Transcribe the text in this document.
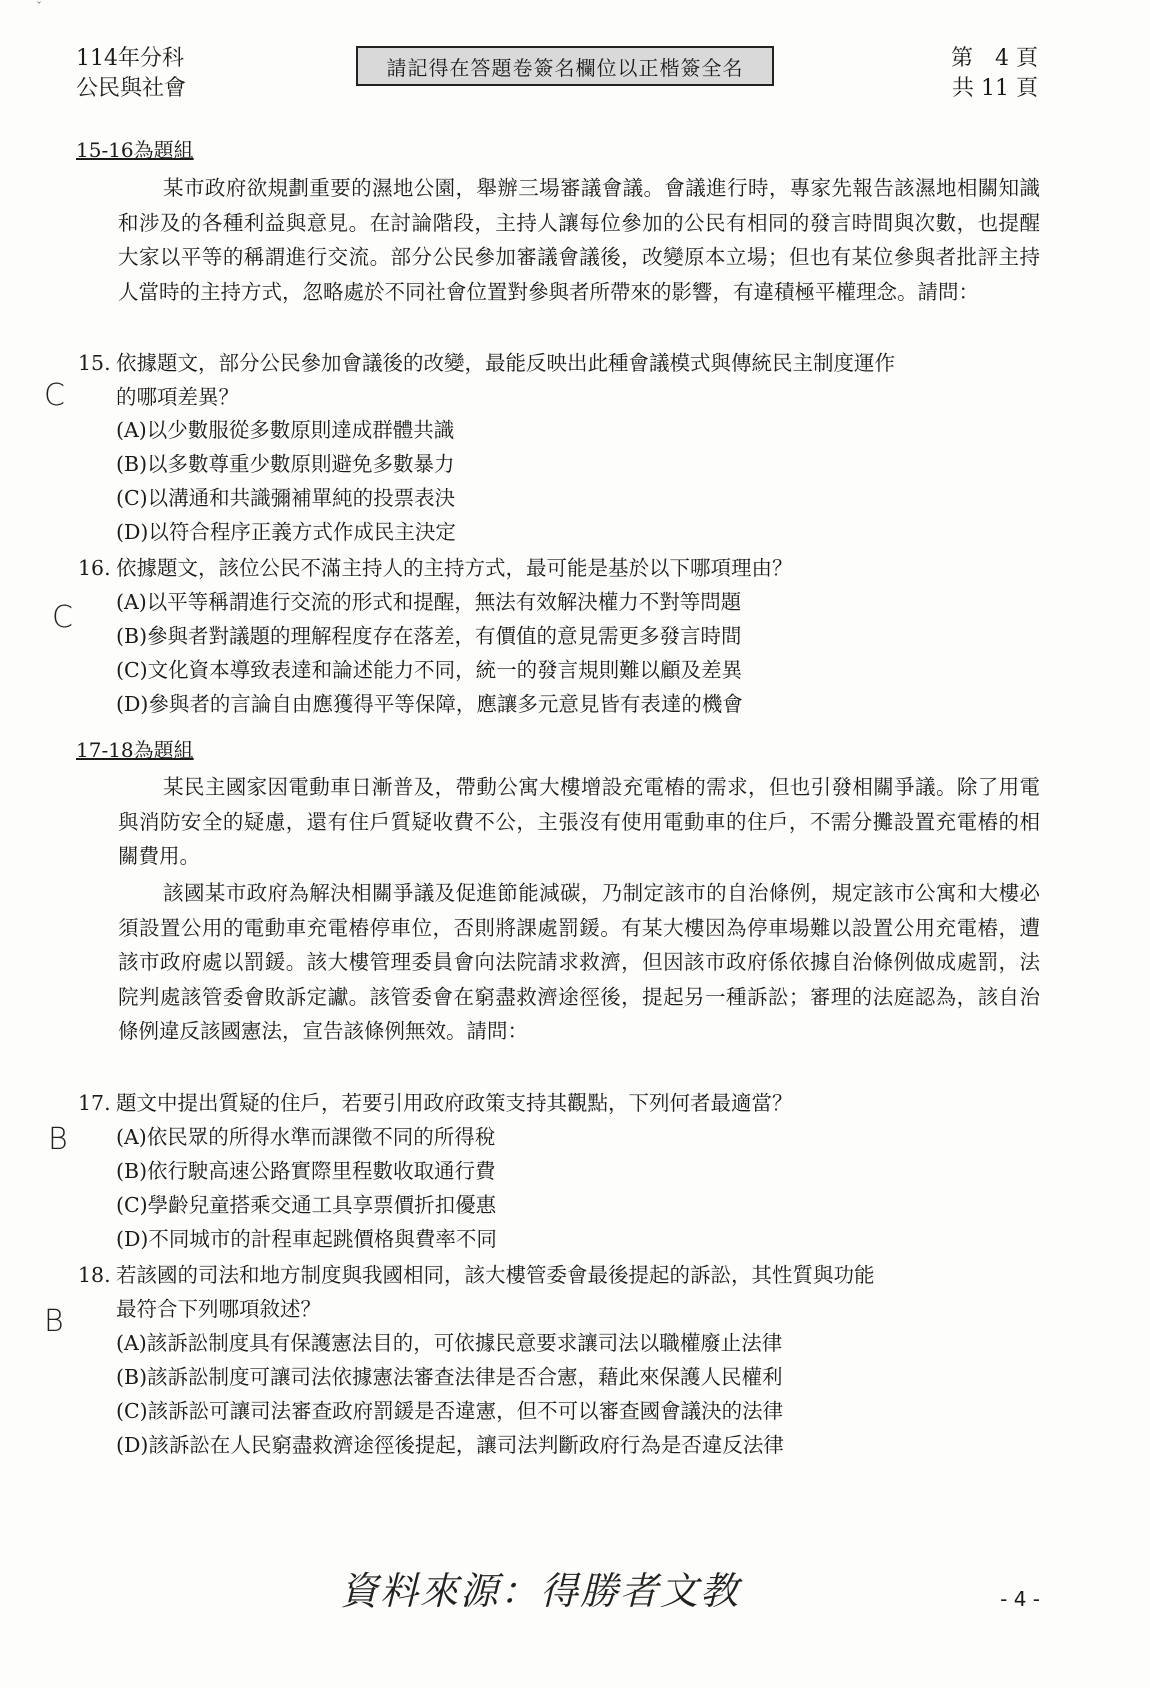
ˇ
114年分科
公民與社會
請記得在答題卷簽名欄位以正楷簽全名	第　4 頁
共 11 頁
15-16為題組
某市政府欲規劃重要的濕地公園，舉辦三場審議會議。會議進行時，專家先報告該濕地相關知識和涉及的各種利益與意見。在討論階段，主持人讓每位參加的公民有相同的發言時間與次數，也提醒大家以平等的稱謂進行交流。部分公民參加審議會議後，改變原本立場；但也有某位參與者批評主持人當時的主持方式，忽略處於不同社會位置對參與者所帶來的影響，有違積極平權理念。請問：
15. 依據題文，部分公民參加會議後的改變，最能反映出此種會議模式與傳統民主制度運作
的哪項差異？
C
(A)以少數服從多數原則達成群體共識
(B)以多數尊重少數原則避免多數暴力
(C)以溝通和共識彌補單純的投票表決
(D)以符合程序正義方式作成民主決定
16. 依據題文，該位公民不滿主持人的主持方式，最可能是基於以下哪項理由？
C (A)以平等稱謂進行交流的形式和提醒，無法有效解決權力不對等問題
(B)參與者對議題的理解程度存在落差，有價值的意見需更多發言時間
(C)文化資本導致表達和論述能力不同，統一的發言規則難以顧及差異
(D)參與者的言論自由應獲得平等保障，應讓多元意見皆有表達的機會
17-18為題組
某民主國家因電動車日漸普及，帶動公寓大樓增設充電樁的需求，但也引發相關爭議。除了用電與消防安全的疑慮，還有住戶質疑收費不公，主張沒有使用電動車的住戶，不需分攤設置充電樁的相關費用。
該國某市政府為解決相關爭議及促進節能減碳，乃制定該市的自治條例，規定該市公寓和大樓必須設置公用的電動車充電樁停車位，否則將課處罰鍰。有某大樓因為停車場難以設置公用充電樁，遭該市政府處以罰鍰。該大樓管理委員會向法院請求救濟，但因該市政府係依據自治條例做成處罰，法院判處該管委會敗訴定讞。該管委會在窮盡救濟途徑後，提起另一種訴訟；審理的法庭認為，該自治條例違反該國憲法，宣告該條例無效。請問：
17. 題文中提出質疑的住戶，若要引用政府政策支持其觀點，下列何者最適當？
B (A)依民眾的所得水準而課徵不同的所得稅
(B)依行駛高速公路實際里程數收取通行費
(C)學齡兒童搭乘交通工具享票價折扣優惠
(D)不同城市的計程車起跳價格與費率不同
18. 若該國的司法和地方制度與我國相同，該大樓管委會最後提起的訴訟，其性質與功能
最符合下列哪項敘述？
B
(A)該訴訟制度具有保護憲法目的，可依據民意要求讓司法以職權廢止法律
(B)該訴訟制度可讓司法依據憲法審查法律是否合憲，藉此來保護人民權利
(C)該訴訟可讓司法審查政府罰鍰是否違憲，但不可以審查國會議決的法律
(D)該訴訟在人民窮盡救濟途徑後提起，讓司法判斷政府行為是否違反法律
資料來源：得勝者文教	- 4 -
